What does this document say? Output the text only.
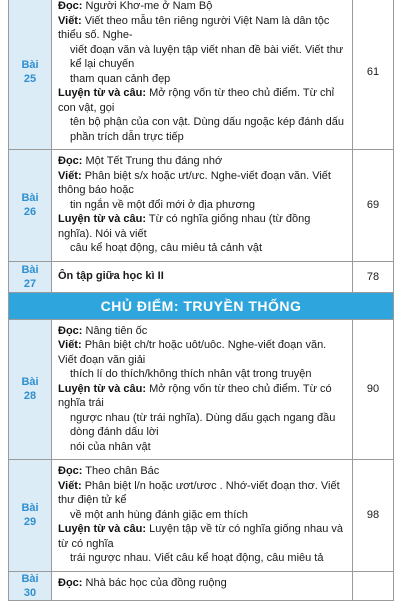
Bài
25
Đọc: Người Khơ-me ở Nam Bộ
Viết: Viết theo mẫu tên riêng người Việt Nam là dân tộc thiểu số. Nghe-
viết đoạn văn và luyện tập viết nhan đề bài viết. Viết thư kể lại chuyến
tham quan cảnh đẹp
Luyện từ và câu: Mở rộng vốn từ theo chủ điểm. Từ chỉ con vật, gọi
tên bộ phận của con vật. Dùng dấu ngoặc kép đánh dấu phần trích dẫn trực tiếp
61
Bài
26
Đọc: Một Tết Trung thu đáng nhớ
Viết: Phân biệt s/x hoặc ưt/ưc. Nghe-viết đoạn văn. Viết thông báo hoặc
tin ngắn về một đổi mới ở địa phương
Luyện từ và câu: Từ có nghĩa giống nhau (từ đồng nghĩa). Nói và viết
câu kể hoạt động, câu miêu tả cảnh vật
69
Bài
27
Ôn tập giữa học kì II	78
CHỦ ĐIỂM: TRUYỀN THỐNG
Bài
28
Đọc: Nâng tiên ốc
Viết: Phân biệt ch/tr hoặc uôt/uôc. Nghe-viết đoạn văn. Viết đoạn văn giải
thích lí do thích/không thích nhân vật trong truyện
Luyện từ và câu: Mở rộng vốn từ theo chủ điểm. Từ có nghĩa trái
ngược nhau (từ trái nghĩa). Dùng dấu gạch ngang đầu dòng đánh dấu lời
nói của nhân vật
90
Bài
29
Đọc: Theo chân Bác
Viết: Phân biệt l/n hoặc ươt/ươc . Nhớ-viết đoạn thơ. Viết thư điện tử kể
về một anh hùng đánh giặc em thích
Luyện từ và câu: Luyện tập về từ có nghĩa giống nhau và từ có nghĩa
trái ngược nhau. Viết câu kể hoạt động, câu miêu tả
98
Bài
30
Đọc: Nhà bác học của đồng ruộng
